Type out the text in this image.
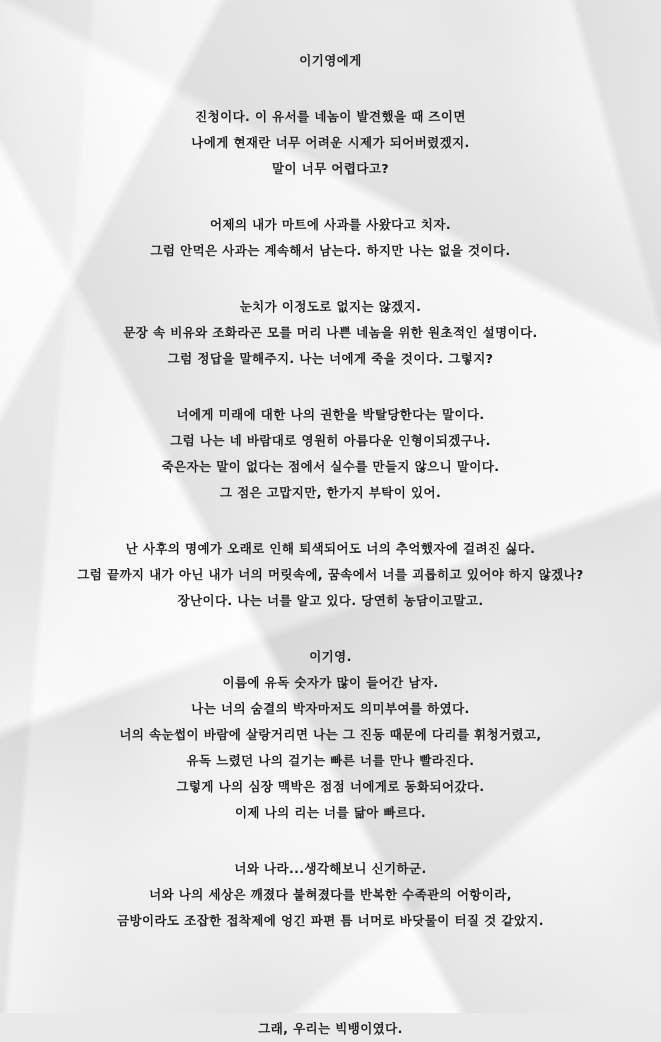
이기영에게
진청이다. 이 유서를 네놈이 발견했을 때 즈이면
나에게 현재란 너무 어려운 시제가 되어버렸겠지.
말이 너무 어렵다고?
어제의 내가 마트에 사과를 사왔다고 치자.
그럼 안먹은 사과는 계속해서 남는다. 하지만 나는 없을 것이다.
눈치가 이정도로 없지는 않겠지.
문장 속 비유와 조화라곤 모를 머리 나쁜 네놈을 위한 원초적인 설명이다.
그럼 정답을 말해주지. 나는 너에게 죽을 것이다. 그렇지?
너에게 미래에 대한 나의 권한을 박탈당한다는 말이다.
그럼 나는 네 바람대로 영원히 아름다운 인형이되겠구나.
죽은자는 말이 없다는 점에서 실수를 만들지 않으니 말이다.
그 점은 고맙지만, 한가지 부탁이 있어.
난 사후의 명예가 오래로 인해 퇴색되어도 너의 추억했자에 걸려진 싫다.
그럼 끝까지 내가 아닌 내가 너의 머릿속에, 꿈속에서 너를 괴롭히고 있어야 하지 않겠나?
장난이다. 나는 너를 알고 있다. 당연히 농담이고말고.
이기영.
이름에 유독 숫자가 많이 들어간 남자.
나는 너의 숨결의 박자마저도 의미부여를 하였다.
너의 속눈썹이 바람에 살랑거리면 나는 그 진동 때문에 다리를 휘청거렸고,
유독 느렸던 나의 걸기는 빠른 너를 만나 빨라진다.
그렇게 나의 심장 맥박은 점점 너에게로 동화되어갔다.
이제 나의 리는 너를 닮아 빠르다.
너와 나라...생각해보니 신기하군.
너와 나의 세상은 깨졌다 붙혀졌다를 반복한 수족관의 어항이라,
금방이라도 조잡한 접착제에 엉긴 파편 틈 너머로 바닷물이 터질 것 같았지.
그래, 우리는 빅뱅이였다.
